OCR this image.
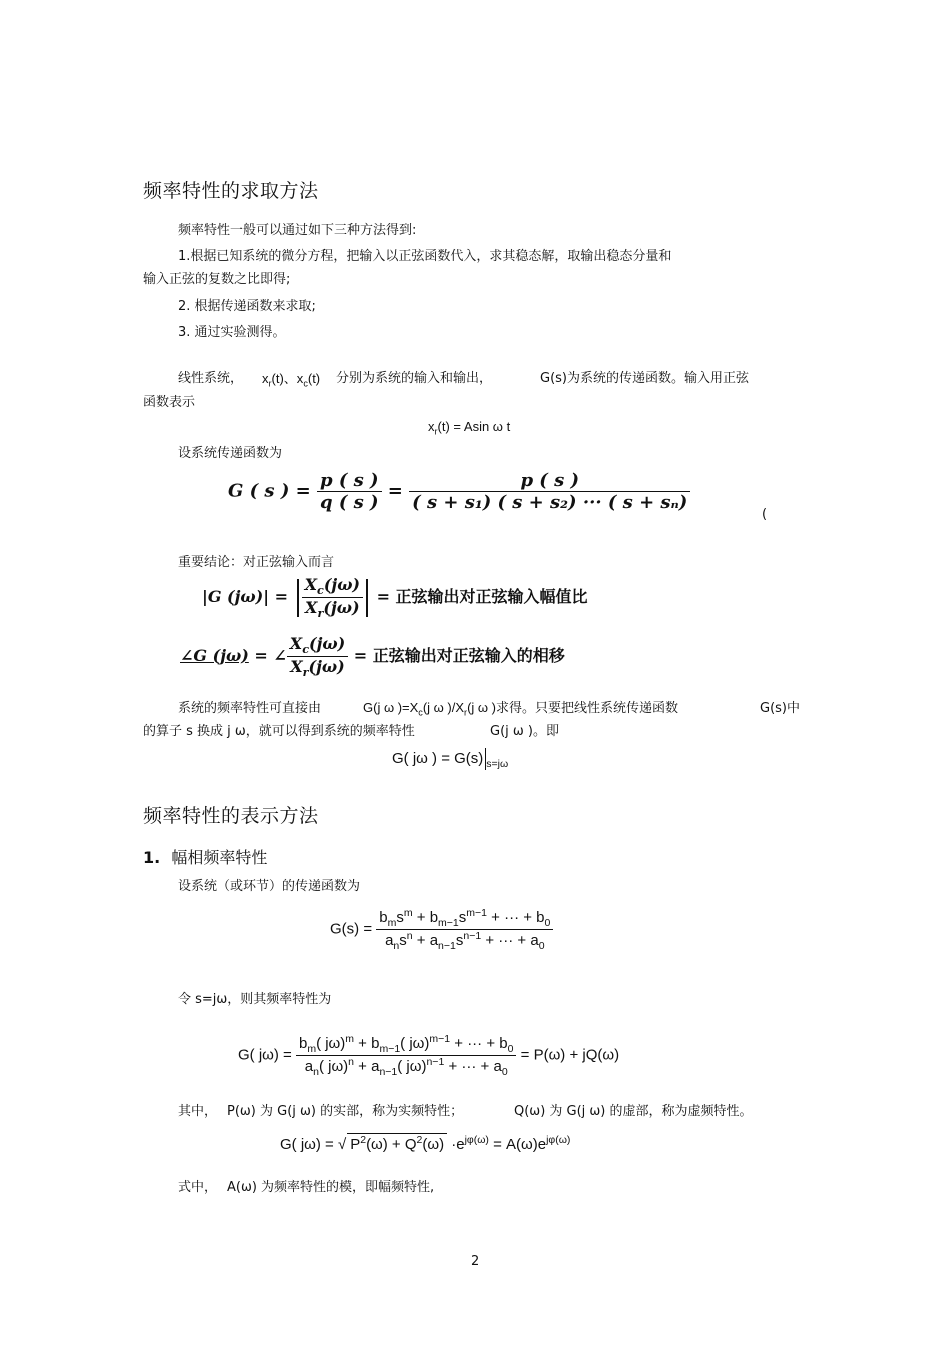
频率特性的求取方法
频率特性一般可以通过如下三种方法得到:
1.根据已知系统的微分方程，把输入以正弦函数代入，求其稳态解，取输出稳态分量和
输入正弦的复数之比即得;
2. 根据传递函数来求取;
3. 通过实验测得。
线性系统， $x_r(t)$、$x_c(t)$ 分别为系统的输入和输出，	G(s)为系统的传递函数。输入用正弦
函数表示
$x_r(t) = Asin$ ω t
设系统传递函数为
G ( s ) = $\frac{p ( s )}{q ( s )} = \frac{p ( s )}{\text{( s + s₁) ( s + s₂) ··· ( s + sₙ)}}$
(
重要结论：对正弦输入而言
|G $(j\omega)| = \frac{X_c(j\omega)}{X_r(j\omega)}$ = 正弦输出对正弦输入幅值比
∠G (jω) = ∠ $\frac{X_c(j\omega)}{X_r(j\omega)}$ = 正弦输出对正弦输入的相移
系统的频率特性可直接由	G(j ω )$=X_c(j$ ω )$/X_r(j$ ω )求得。只要把线性系统传递函数	G(s)中
的算子 s 换成 j ω，就可以得到系统的频率特性	G(j ω )。即
G( jω ) = G(s) $_{s=j\omega}$
频率特性的表示方法
1. 幅相频率特性
设系统（或环节）的传递函数为
$G(s) = \frac{b_ms^m + b_{m-1}s^{m-1} + \cdot\cdot\cdot + b_0}{a_ns^n + a_{n-1}s^{n-1} + \cdot\cdot\cdot + a_0}$
令 s=jω，则其频率特性为
G( $j\omega) = \frac{b_m( j\omega)^m + b_{m-1}( j\omega)^{m-1} + \cdot\cdot\cdot + b_0}{a_n( j\omega)^n + a_{n-1}( j\omega)^{n-1} + \cdot\cdot\cdot + a_0} = P(\omega) + jQ(\omega)$
其中， P(ω) 为 G(j ω) 的实部，称为实频特性；	Q(ω) 为 G(j ω) 的虚部，称为虚频特性。
G( jω) = √ $P^2(\omega) + Q^2(\omega) \cdot e^{j\varphi(\omega)} = A(\omega)e^{j\varphi(\omega)}$
式中， A(ω) 为频率特性的模，即幅频特性,
2
